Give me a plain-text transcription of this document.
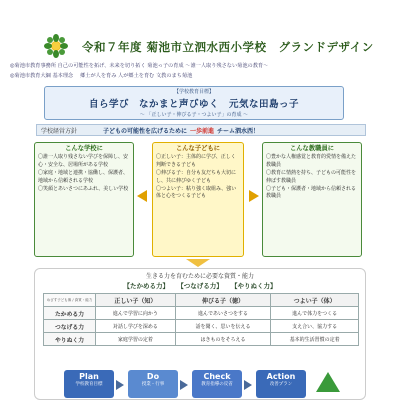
令和７年度 菊池市立泗水西小学校　グランドデザイン
◎菊池市教育事務所 自己の可能性を拓げ、未来を切り拓く 菊池っ子の育成 ～誰一人取り残さない菊池の教育～
◎菊池市教育大綱 基本理念　 郷土が人を育み 人が郷土を育む 文教のまち菊池
【学校教育目標】
自ら学び　なかまと声びゆく　元気な田島っ子
～ 「正しい子・伸びる子・つよい子」の育成 ～
学校経営方針	子どもの可能性を広げるために 一歩前進 チーム泗水西！
こんな学校に

〇誰一人取り残さない学びを保障し、安心・安全な、居場所がある学校

〇家庭・地域と連携・協働し、保護者、地域から信頼される学校

〇笑顔とあいさつにあふれ、美しい学校

こんな子どもに

〇正しい子：主体的に学び、正しく判断できる子ども

〇伸びる子：自分も友だちも大切にし、共に伸びゆく子ども

〇つよい子：粘り強く取組み、強い体と心をつくる子ども

こんな教職員に

〇豊かな人権感覚と教育的愛情を備えた教職員

〇教育に情熱を持ち、子どもの可能性を伸ばす教職員

〇子ども・保護者・地域から信頼される教職員

生きる力を育むために必要な資質・能力
【たかめる力】 【つなげる力】 【やりぬく力】
めざす子ども像 / 資質・能力	正しい子（知）	伸びる子（徳）	つよい子（体）
たかめる力	進んで学習に向かう	進んであいさつをする	進んで体力をつくる
つなげる力	対話し学びを深める	話を聞く、思いを伝える	支え合い、協力する
やりぬく力	家庭学習の定着	はきものをそろえる	基本的生活習慣の定着
Plan
学校教育目標
Do
授業・行事
Check
教育指導の反省
Action
改善プラン
